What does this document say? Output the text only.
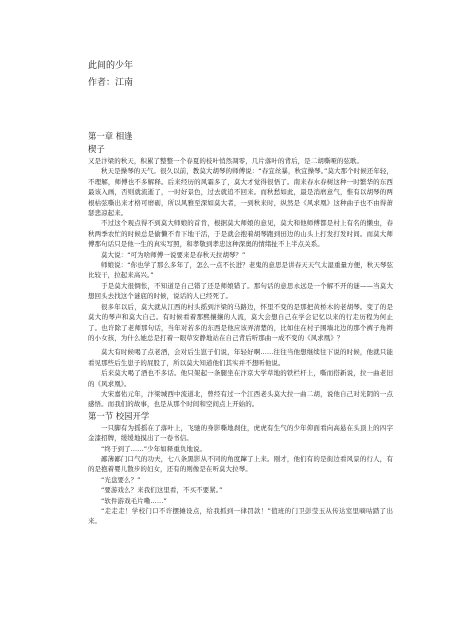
此间的少年

作者：江南

第一章 相逢

楔子

又是汴梁的秋天，积累了整整一个春夏的枝叶悄然凋零，几片落叶的背后，是二胡嘶哑的弦歌。

秋天是操琴的天气。很久以前，教莫大胡琴的师傅说：“春宜丝暴，秋宜操琴。”莫大那个时候还年轻，不理解，师傅也不多解释。后来经历的风霜多了，莫大才觉得很悟了。南来春水春树这种一时繁华的东西最该入画，否则就流逝了，一时好景色，过去就追不回来。而秋愁如此，最是消磨意气，惟有以胡琴的两根枯弦嘶出来才格可磨砺，所以风雅至深如莫大者，一到秋来时，纵然是《风求凰》这种曲子也不由得萧瑟悲凉起来。

不过这个观点得不到莫大师娘的首肯，根据莫大师娘的意见，莫大和他师傅都是村上有名的懒虫，春秋两季农忙的时候总是偷懒不肯下地干活，于是就会抱着胡琴跑到田边的山头上打发打发时间。而莫大师傅那句话只是他一生的真实写照，和孝敬到孝忠这种深奥的情绪扯不上半点关系。

莫大说：“可为啥师傅一说要来是春秋天拉胡琴？”

师娘说：“你也学了那么多年了，怎么一点不长进？老鬼的意思是讲春天天气太湿重量方便，秋天琴弦比较干，拉起来高兴。”

于是莫大很惆怅，不知道是自己错了还是师娘错了。那句话的意思永远是一个解不开的谜——当莫大想回头去找这个谜底的时候，说话的人已经死了。

很多年以后，莫大就从江西的村头摇到汴梁的马路边，怀里不变的是那把黄桥木的老胡琴。变了的是莫大的琴声和莫大自己。有时候看着那熙攘攘的人流，莫大会想自己在学会记忆以来的行走历程为何止了。也许除了老师那句话，当年对若多的东西是他应该弄清楚的，比如住在村子围墙北边的那个裤子角辫的小女孩，为什么她总是打着一眼草安静地站在自己背后听那曲一成不变的《风求凰》？

莫大有时候喝了点老酒，会对后生崽子们说，年轻好啊……往往当他想继续往下说的时候，他就只能看见那些后生崽子的屁股了，所以莫大知道他们其实并不想听他说。

后来莫大喝了酒也不多话。他只架起一条腿坐在汴京大学草地的铁栏杆上，嘶而搭新说，拉一曲老旧的《风求凰》。

大宋嘉佑元年，汴梁城西中流道北，曾经有过一个江西老头莫大拉一曲二胡，说他自己对光阴的一点感悟。而我们的故事，也是从那个时间和空间点上开始的。

第一节 校园开学

一只脚有为摇摇在了落叶上，飞驰的身影嘶地刹住，虎虎有生气的少年仰面看向高悬在头顶上的四字金漆招牌，缓缓地摸出了一卷书信。

“终于到了……”少年如释重负地说。

鄙薄鄙门口气的功夫，七八条黑影从不同的角度蹿了上来。刚才，他们有的是街边看风景的行人，有的是抱着婴儿散步的妇女，还有的则像是在听莫大拉琴。

“光盘要么？”

“要游戏么？来我们这里看，不买不要紧。”

“软件游戏毛片嘞……”

“走走走！学校门口不许摆摊设点，给我抓到一律罚款！”值班的门卫彭莹玉从传达室里嘀咕踏了出来。
